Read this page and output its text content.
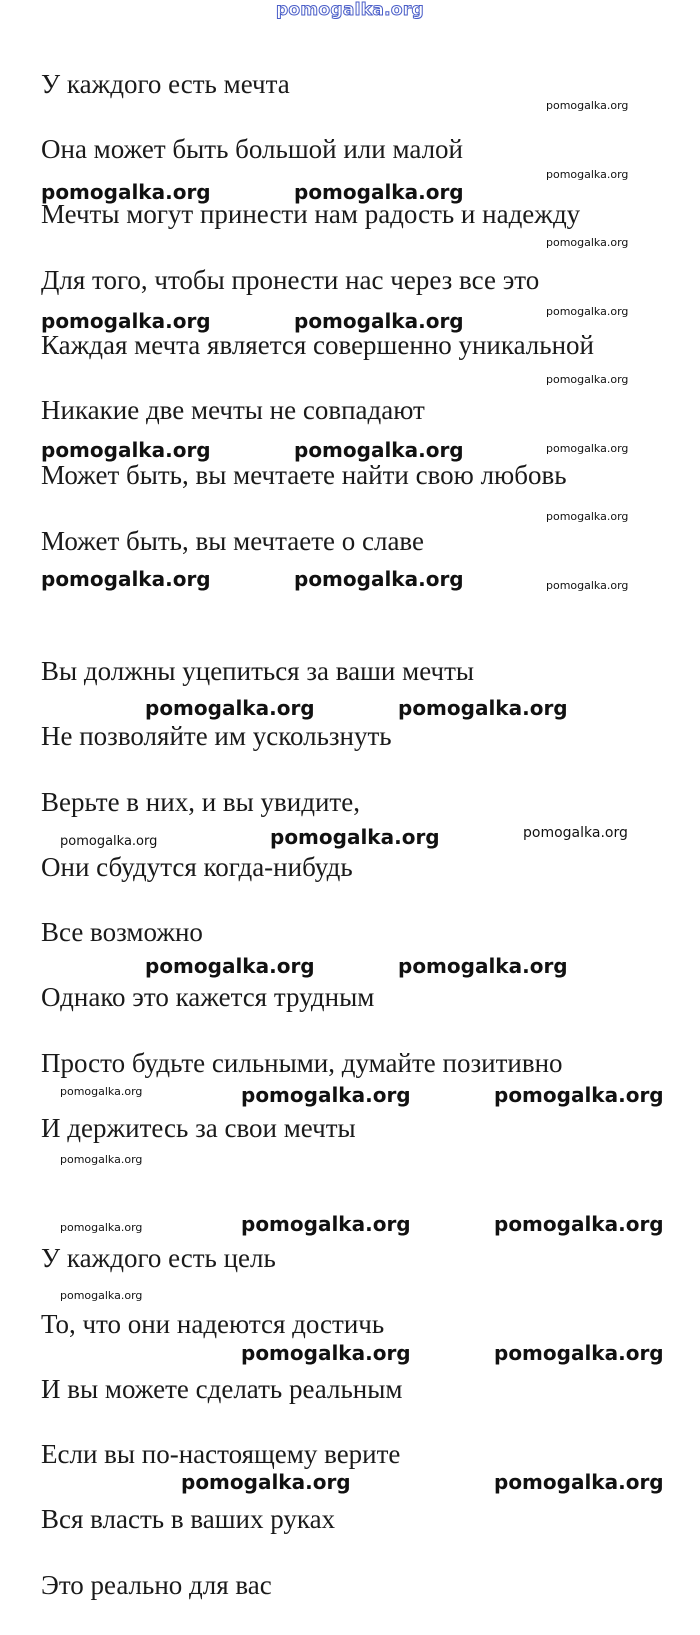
pomogalka.org
У каждого есть мечта
Она может быть большой или малой
Мечты могут принести нам радость и надежду
Для того, чтобы пронести нас через все это
Каждая мечта является совершенно уникальной
Никакие две мечты не совпадают
Может быть, вы мечтаете найти свою любовь
Может быть, вы мечтаете о славе
Вы должны уцепиться за ваши мечты
Не позволяйте им ускользнуть
Верьте в них, и вы увидите,
Они сбудутся когда-нибудь
Все возможно
Однако это кажется трудным
Просто будьте сильными, думайте позитивно
И держитесь за свои мечты
У каждого есть цель
То, что они надеются достичь
И вы можете сделать реальным
Если вы по-настоящему верите
Вся власть в ваших руках
Это реально для вас
pomogalka.org
pomogalka.org
pomogalka.org
pomogalka.org
pomogalka.org
pomogalka.org
pomogalka.org
pomogalka.org
pomogalka.org	pomogalka.org
pomogalka.org	pomogalka.org
pomogalka.org	pomogalka.org
pomogalka.org	pomogalka.org
pomogalka.org	pomogalka.org
pomogalka.org	pomogalka.org	pomogalka.org
pomogalka.org	pomogalka.org
pomogalka.org	pomogalka.org	pomogalka.org
pomogalka.org
pomogalka.org	pomogalka.org	pomogalka.org
pomogalka.org
pomogalka.org	pomogalka.org
pomogalka.org	pomogalka.org
